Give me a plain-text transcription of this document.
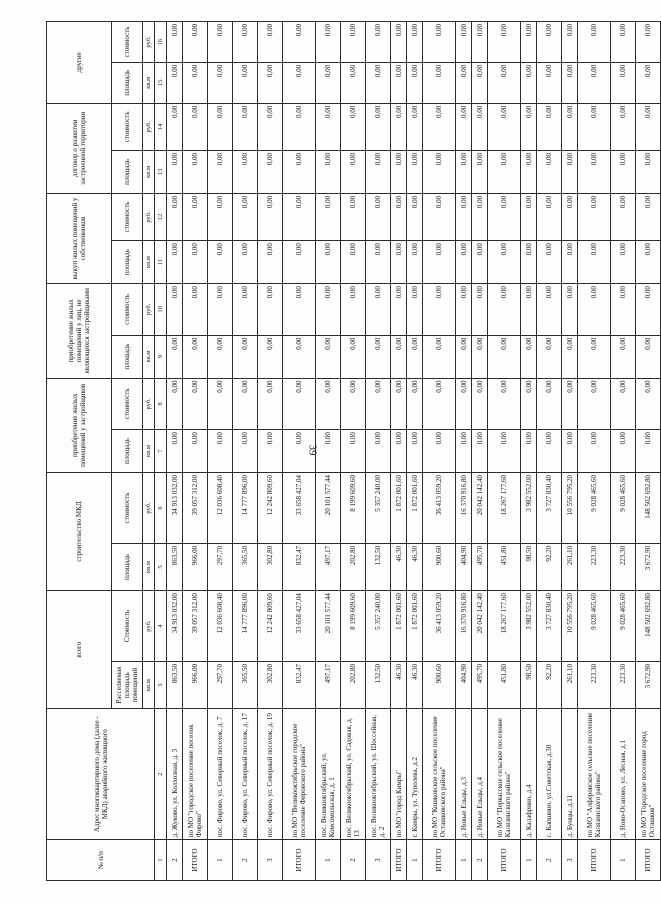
39
№ п/п	Адрес многоквартирного дома (далее - МКД) аварийного жилищного	всего		строительство МКД		приобретение жилых помещений у застройщиков		приобретение жилых помещений у лиц, не являющихся застройщиками		выкуп жилых помещений у собственников		договор о развитии застроенной территории		другие	
		Расселяемая площадь помещений	Стоимость	площадь	стоимость	площадь	стоимость	площадь	стоимость	площадь	стоимость	площадь	стоимость	площадь	стоимость
		кв.м	руб.	кв.м	руб.	кв.м	руб.	кв.м	руб.	кв.м	руб.	кв.м	руб.	кв.м	руб.
1	2	3	4	5	6	7	8	9	10	11	12	13	14	15	16
2	д. Жуково, ул. Колхозная, д. 3	863,50	34 913 032,00	863,50	34 913 032,00	0,00	0,00	0,00	0,00	0,00	0,00	0,00	0,00	0,00	0,00
ИТОГО	по МО "городское поселение поселок Фирово"	966,00	39 057 312,00	966,00	39 057 312,00	0,00	0,00	0,00	0,00	0,00	0,00	0,00	0,00	0,00	0,00
1	пос. Фирово, ул. Северный поселок, д. 7	297,70	12 036 608,40	297,70	12 036 608,40	0,00	0,00	0,00	0,00	0,00	0,00	0,00	0,00	0,00	0,00
2	пос. Фирово, ул. Северный поселок, д. 17	365,50	14 777 896,00	365,50	14 777 896,00	0,00	0,00	0,00	0,00	0,00	0,00	0,00	0,00	0,00	0,00
3	пос. Фирово, ул. Северный поселок, д. 19	302,80	12 242 809,60	302,80	12 242 809,60	0,00	0,00	0,00	0,00	0,00	0,00	0,00	0,00	0,00	0,00
ИТОГО	по МО "Великооктябрьское городское поселение Фировского района"	832,47	33 658 427,04	832,47	33 658 427,04	0,00	0,00	0,00	0,00	0,00	0,00	0,00	0,00	0,00	0,00
1	пос. Великооктябрьский, ул. Комсомольская, д. 1	497,17	20 101 577,44	497,17	20 101 577,44	0,00	0,00	0,00	0,00	0,00	0,00	0,00	0,00	0,00	0,00
2	пос. Великооктябрьский, ул. Садовая, д. 13	202,80	8 199 609,60	202,80	8 199 609,60	0,00	0,00	0,00	0,00	0,00	0,00	0,00	0,00	0,00	0,00
3	пос. Великооктябрьский, ул. Шоссейная, д. 2	132,50	5 357 240,00	132,50	5 357 240,00	0,00	0,00	0,00	0,00	0,00	0,00	0,00	0,00	0,00	0,00
ИТОГО	по МО "город Кимры"	46,30	1 872 001,60	46,30	1 872 001,60	0,00	0,00	0,00	0,00	0,00	0,00	0,00	0,00	0,00	0,00
1	г. Кимры, ул. Туполева, д.2	46,30	1 872 001,60	46,30	1 872 001,60	0,00	0,00	0,00	0,00	0,00	0,00	0,00	0,00	0,00	0,00
ИТОГО	по МО "Кошковское сельское поселение Осташковского района"	900,60	36 413 059,20	900,60	36 413 059,20	0,00	0,00	0,00	0,00	0,00	0,00	0,00	0,00	0,00	0,00
1	д. Новые Ельцы, д.3	404,90	16 370 916,80	404,90	16 370 916,80	0,00	0,00	0,00	0,00	0,00	0,00	0,00	0,00	0,00	0,00
2	д. Новые Ельцы, д.4	495,70	20 042 142,40	495,70	20 042 142,40	0,00	0,00	0,00	0,00	0,00	0,00	0,00	0,00	0,00	0,00
ИТОГО	по МО "Первасское сельское поселение Калязинского района"	451,80	18 267 177,60	451,80	18 267 177,60	0,00	0,00	0,00	0,00	0,00	0,00	0,00	0,00	0,00	0,00
1	д. Калафрино, д.4	98,50	3 982 552,00	98,50	3 982 552,00	0,00	0,00	0,00	0,00	0,00	0,00	0,00	0,00	0,00	0,00
2	с. Капшино, ул.Советская, д.30	92,20	3 727 830,40	92,20	3 727 830,40	0,00	0,00	0,00	0,00	0,00	0,00	0,00	0,00	0,00	0,00
3	д. Бунцы, д.11	261,10	10 556 795,20	261,10	10 556 795,20	0,00	0,00	0,00	0,00	0,00	0,00	0,00	0,00	0,00	0,00
ИТОГО	по МО "Алферовское сельское поселение Калязинского района"	223,30	9 028 465,60	223,30	9 028 465,60	0,00	0,00	0,00	0,00	0,00	0,00	0,00	0,00	0,00	0,00
1	д. Ново-Осапово, ул. Лесная, д.1	223,30	9 028 465,60	223,30	9 028 465,60	0,00	0,00	0,00	0,00	0,00	0,00	0,00	0,00	0,00	0,00
ИТОГО	по МО "Городское поселение город Осташков"	3 672,90	148 502 692,80	3 672,90	148 502 692,80	0,00	0,00	0,00	0,00	0,00	0,00	0,00	0,00	0,00	0,00
